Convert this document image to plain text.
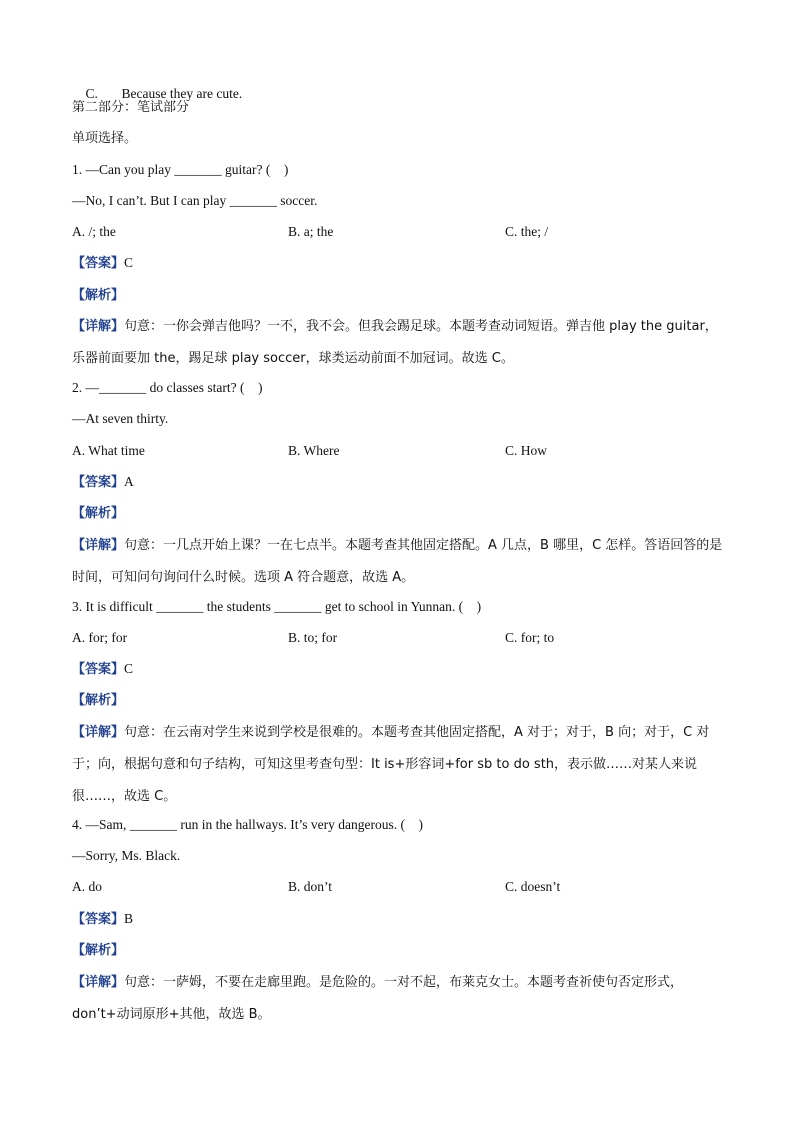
C. Because they are cute.

第二部分：笔试部分
单项选择。
1. —Can you play _______ guitar? (    )
—No, I can’t. But I can play _______ soccer.
A. /; the	B. a; the	C. the; /
【答案】C
【解析】
【详解】句意：一你会弹吉他吗？一不，我不会。但我会踢足球。本题考查动词短语。弹吉他 play the guitar，乐器前面要加 the，踢足球 play soccer，球类运动前面不加冠词。故选 C。
2. —_______ do classes start? (    )
—At seven thirty.
A. What time	B. Where	C. How
【答案】A
【解析】
【详解】句意：一几点开始上课？一在七点半。本题考查其他固定搭配。A 几点，B 哪里，C 怎样。答语回答的是时间，可知问句询问什么时候。选项 A 符合题意，故选 A。
3. It is difficult _______ the students _______ get to school in Yunnan. (    )
A. for; for	B. to; for	C. for; to
【答案】C
【解析】
【详解】句意：在云南对学生来说到学校是很难的。本题考查其他固定搭配，A 对于；对于，B 向；对于，C 对于；向，根据句意和句子结构，可知这里考查句型：It is+形容词+for sb to do sth，表示做……对某人来说很……，故选 C。
4. —Sam, _______ run in the hallways. It’s very dangerous. (    )
—Sorry, Ms. Black.
A. do	B. don’t	C. doesn’t
【答案】B
【解析】
【详解】句意：一萨姆，不要在走廊里跑。是危险的。一对不起，布莱克女士。本题考查祈使句否定形式，don’t+动词原形+其他，故选 B。
